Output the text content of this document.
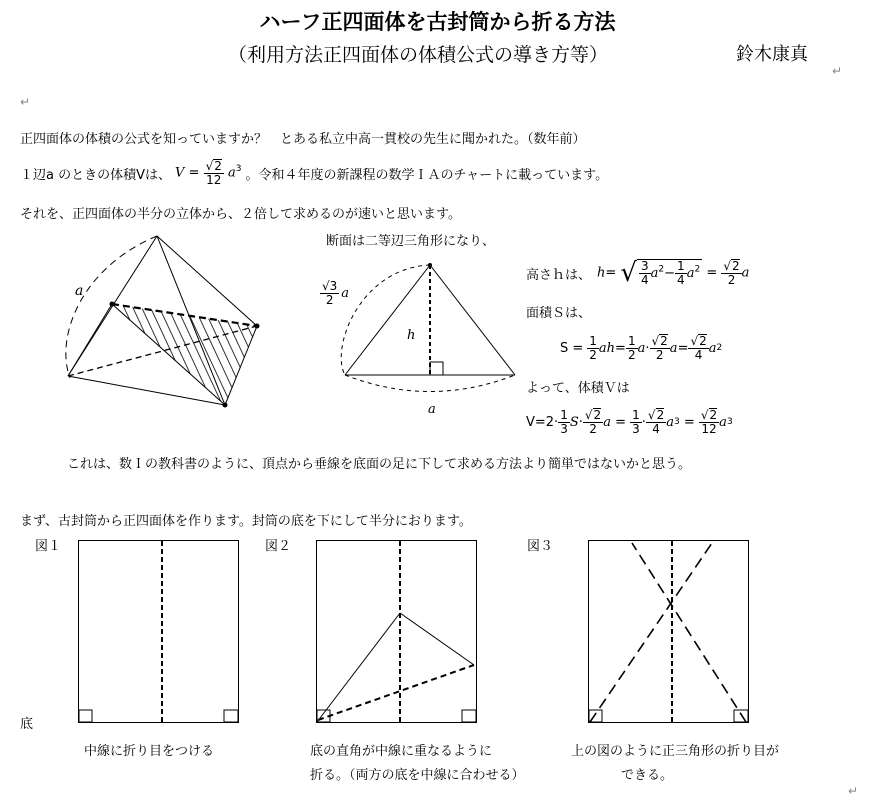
ハーフ正四面体を古封筒から折る方法
（利用方法正四面体の体積公式の導き方等）	鈴木康真
↵
↵
正四面体の体積の公式を知っていますか？　とある私立中高一貫校の先生に聞かれた。（数年前）
１辺a のときの体積Vは、 $V = \frac{√2}{12} a^3$ 。令和４年度の新課程の数学ＩＡのチャートに載っています。
それを、正四面体の半分の立体から、２倍して求めるのが速いと思います。
a
断面は二等辺三角形になり、
h
a
$\frac{√3}{2}$ a
高さｈは、 h= √ $\frac{3}{4} a^2- \frac{1}{4} a^2 = \frac{√2}{2}$ a
面積Ｓは、
$S = \frac{1}{2}$ ah = $\frac{1}{2}$ $a \cdot \frac{√2}{2}$ $a = \frac{√2}{4}$ a 2
よって、体積Ｖは
$V=2\cdot \frac{1}{3}$ $S \cdot \frac{√2}{2}$ $a = \frac{1}{3} \cdot \frac{√2}{4}$ a $3 = \frac{√2}{12}$ a 3
これは、数Ｉの教科書のように、頂点から垂線を底面の足に下して求める方法より簡単ではないかと思う。
まず、古封筒から正四面体を作ります。封筒の底を下にして半分におります。
図１	図２	図３
底
中線に折り目をつける	底の直角が中線に重なるように
折る。（両方の底を中線に合わせる）
上の図のように正三角形の折り目が
できる。
↵
